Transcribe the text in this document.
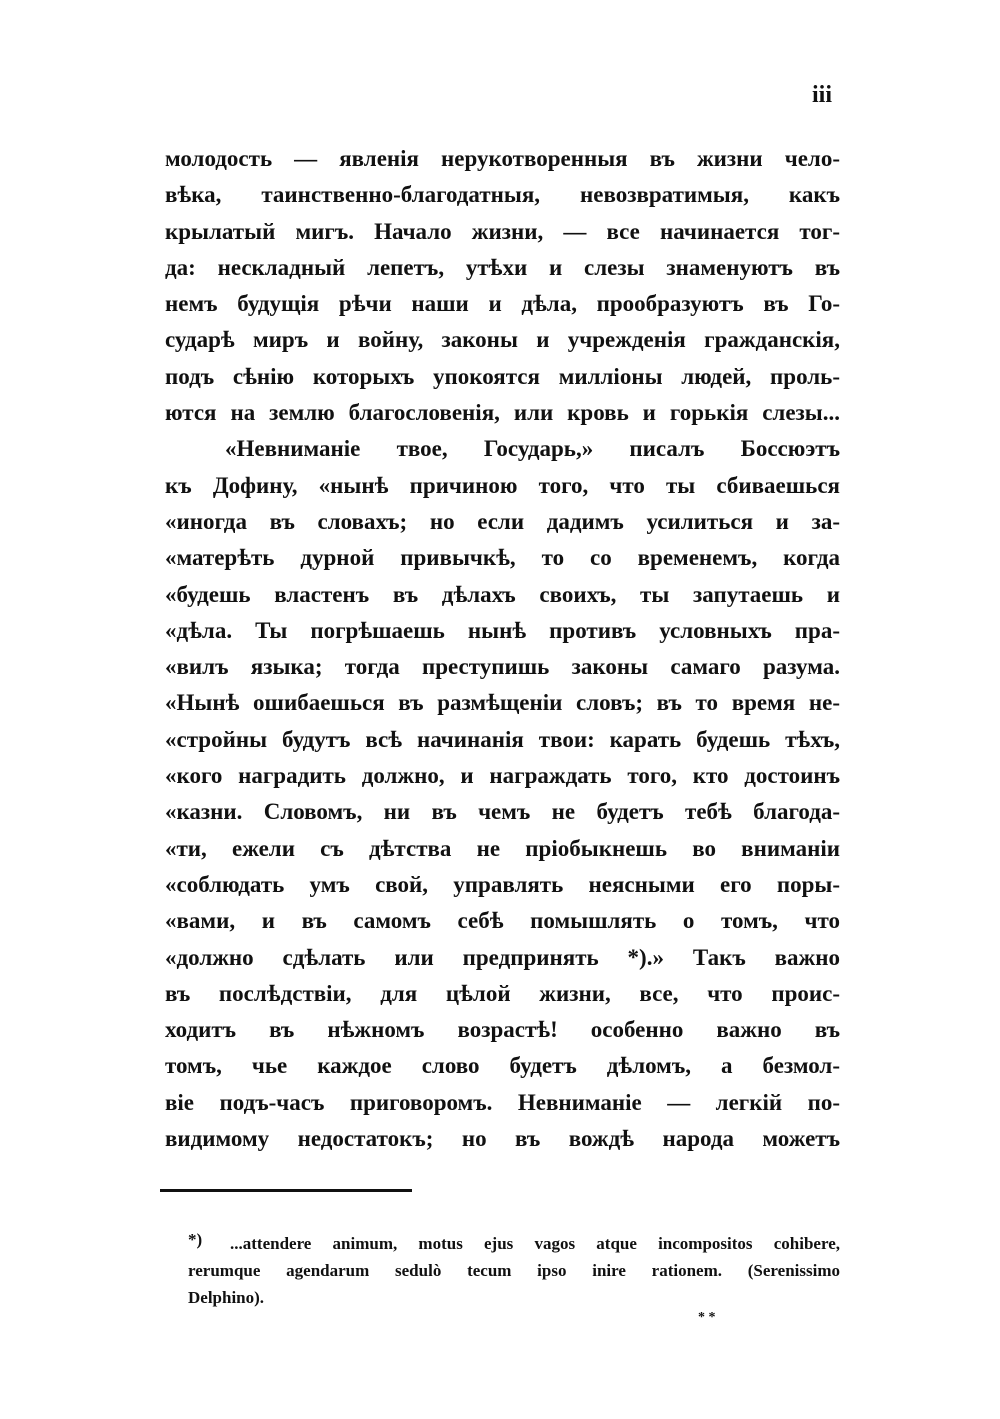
iii
молодость — явленія нерукотворенныя въ жизни чело-
вѣка, таинственно-благодатныя, невозвратимыя, какъ
крылатый мигъ. Начало жизни, — все начинается тог-
да: нескладный лепетъ, утѣхи и слезы знаменуютъ въ
немъ будущія рѣчи наши и дѣла, прообразуютъ въ Го-
сударѣ миръ и войну, законы и учрежденія гражданскія,
подъ сѣнію которыхъ упокоятся милліоны людей, проль-
ются на землю благословенія, или кровь и горькія слезы...
«Невниманіе твое, Государь,» писалъ Боссюэтъ
къ Дофину, «нынѣ причиною того, что ты сбиваешься
«иногда въ словахъ; но если дадимъ усилиться и за-
«матерѣть дурной привычкѣ, то со временемъ, когда
«будешь властенъ въ дѣлахъ своихъ, ты запутаешь и
«дѣла. Ты погрѣшаешь нынѣ противъ условныхъ пра-
«вилъ языка; тогда преступишь законы самаго разума.
«Нынѣ ошибаешься въ размѣщеніи словъ; въ то время не-
«стройны будутъ всѣ начинанія твои: карать будешь тѣхъ,
«кого наградить должно, и награждать того, кто достоинъ
«казни. Словомъ, ни въ чемъ не будетъ тебѣ благода-
«ти, ежели съ дѣтства не пріобыкнешь во вниманіи
«соблюдать умъ свой, управлять неясными его поры-
«вами, и въ самомъ себѣ помышлять о томъ, что
«должно сдѣлать или предпринять *).» Такъ важно
въ послѣдствіи, для цѣлой жизни, все, что проис-
ходитъ въ нѣжномъ возрастѣ! особенно важно въ
томъ, чье каждое слово будетъ дѣломъ, а безмол-
віе подъ-часъ приговоромъ. Невниманіе — легкій по-
видимому недостатокъ; но въ вождѣ народа можетъ
*) ...attendere animum, motus ejus vagos atque incompositos cohibere,
rerumque agendarum sedulò tecum ipso inire rationem. (Serenissimo
Delphino).
* *
